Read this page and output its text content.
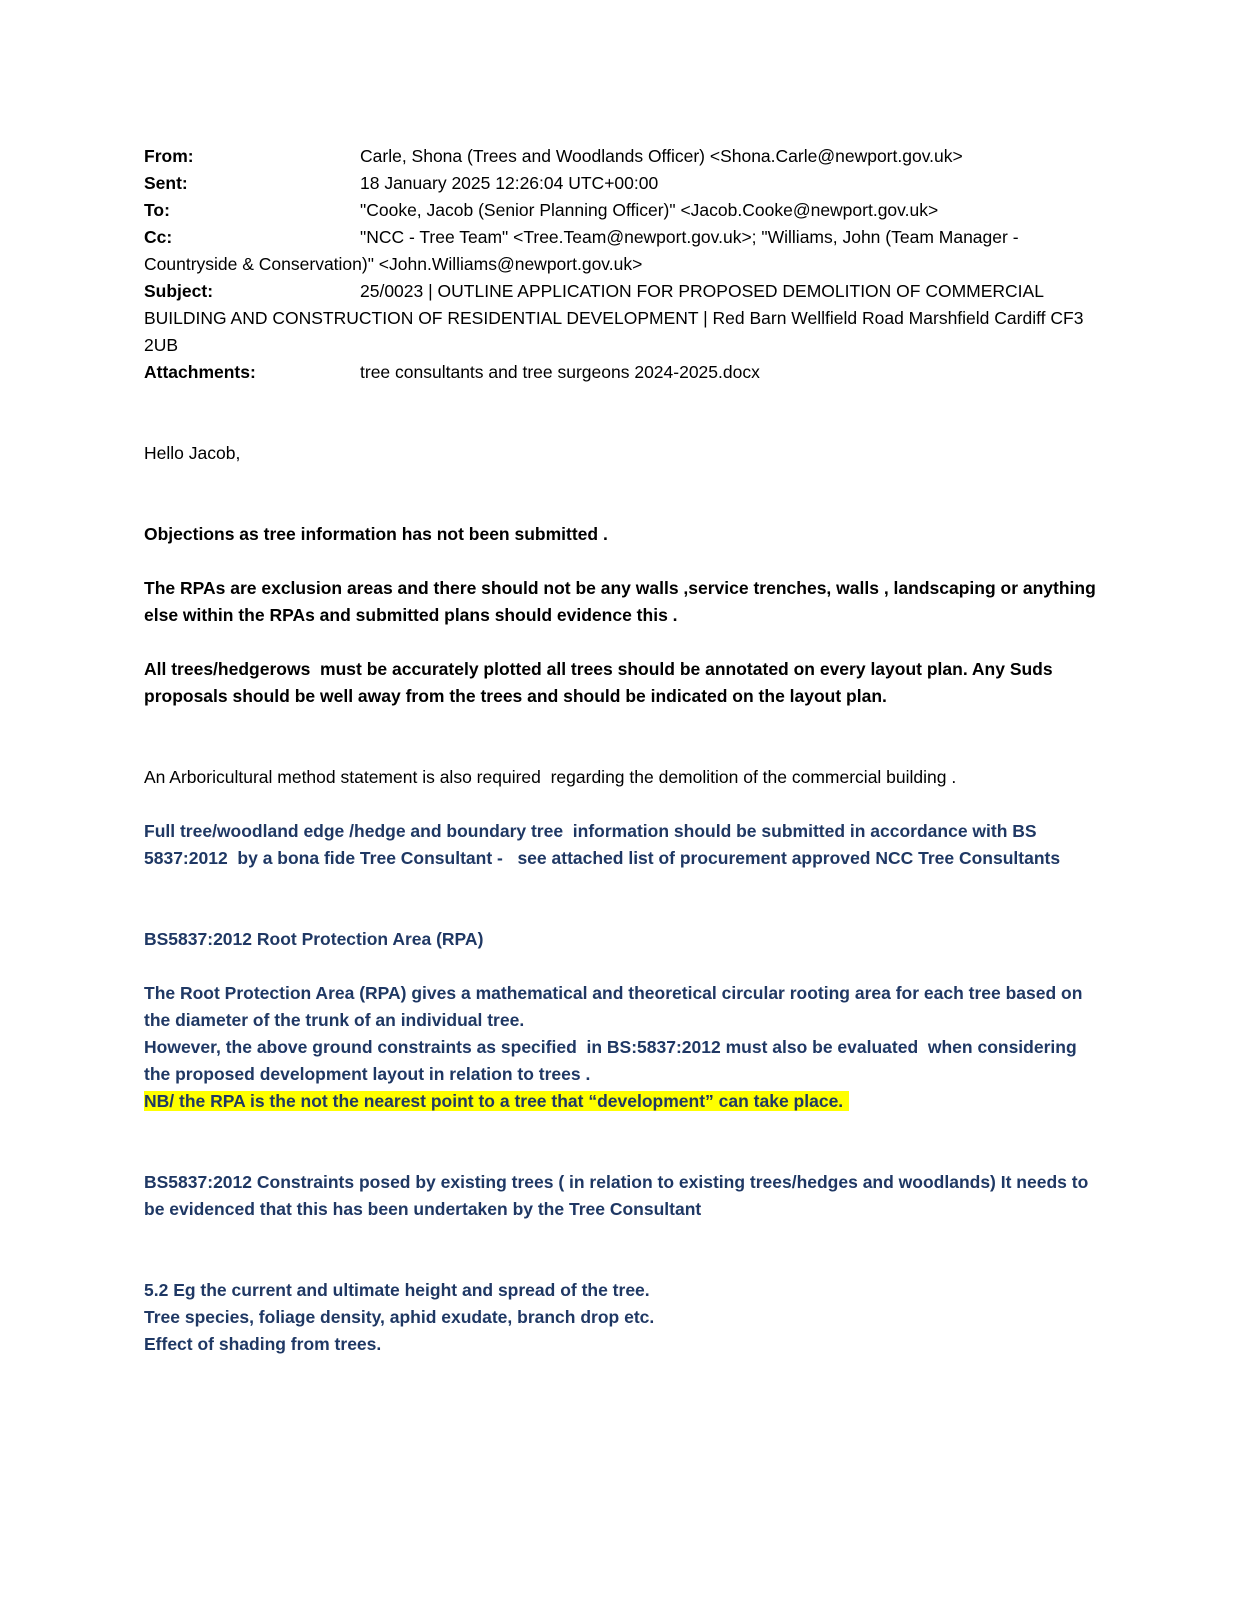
From:	Carle, Shona (Trees and Woodlands Officer) <Shona.Carle@newport.gov.uk>

Sent:	18 January 2025 12:26:04 UTC+00:00

To:	"Cooke, Jacob (Senior Planning Officer)" <Jacob.Cooke@newport.gov.uk>

Cc:	"NCC - Tree Team" <Tree.Team@newport.gov.uk>; "Williams, John (Team Manager - Countryside & Conservation)" <John.Williams@newport.gov.uk>

Subject:	25/0023 | OUTLINE APPLICATION FOR PROPOSED DEMOLITION OF COMMERCIAL BUILDING AND CONSTRUCTION OF RESIDENTIAL DEVELOPMENT | Red Barn Wellfield Road Marshfield Cardiff CF3 2UB

Attachments:	tree consultants and tree surgeons 2024-2025.docx

Hello Jacob,

Objections as tree information has not been submitted .

The RPAs are exclusion areas and there should not be any walls ,service trenches, walls , landscaping or anything else within the RPAs and submitted plans should evidence this .

All trees/hedgerows  must be accurately plotted all trees should be annotated on every layout plan. Any Suds proposals should be well away from the trees and should be indicated on the layout plan.

An Arboricultural method statement is also required  regarding the demolition of the commercial building .

Full tree/woodland edge /hedge and boundary tree  information should be submitted in accordance with BS 5837:2012  by a bona fide Tree Consultant -   see attached list of procurement approved NCC Tree Consultants

BS5837:2012 Root Protection Area (RPA)

The Root Protection Area (RPA) gives a mathematical and theoretical circular rooting area for each tree based on the diameter of the trunk of an individual tree.

However, the above ground constraints as specified  in BS:5837:2012 must also be evaluated  when considering the proposed development layout in relation to trees .

NB/ the RPA is the not the nearest point to a tree that “development” can take place.

BS5837:2012 Constraints posed by existing trees ( in relation to existing trees/hedges and woodlands) It needs to be evidenced that this has been undertaken by the Tree Consultant

5.2 Eg the current and ultimate height and spread of the tree.

Tree species, foliage density, aphid exudate, branch drop etc.

Effect of shading from trees.
